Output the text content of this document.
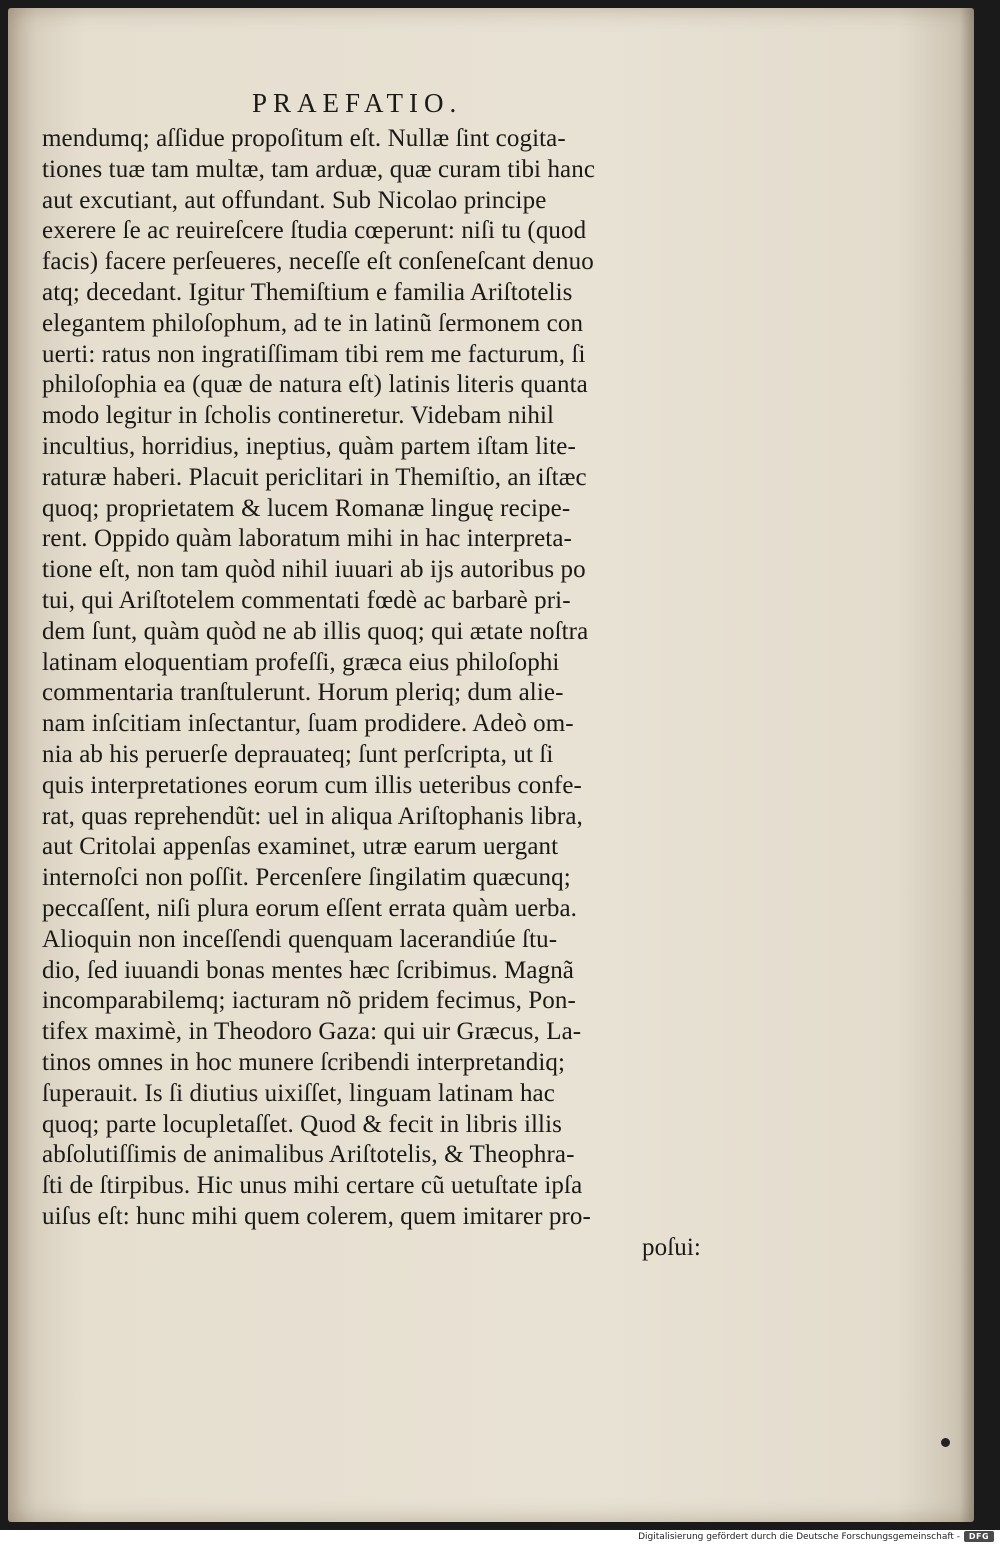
PRAEFATIO.
mendumq; aſſidue propoſitum eſt. Nullæ ſint cogita-
tiones tuæ tam multæ, tam arduæ, quæ curam tibi hanc
aut excutiant, aut offundant. Sub Nicolao principe
exerere ſe ac reuireſcere ſtudia cœperunt: niſi tu (quod
facis) facere perſeueres, neceſſe eſt conſeneſcant denuo
atq; decedant. Igitur Themiſtium e familia Ariſtotelis
elegantem philoſophum, ad te in latinũ ſermonem con
uerti: ratus non ingratiſſimam tibi rem me facturum, ſi
philoſophia ea (quæ de natura eſt) latinis literis quanta
modo legitur in ſcholis contineretur. Videbam nihil
incultius, horridius, ineptius, quàm partem iſtam lite-
raturæ haberi. Placuit periclitari in Themiſtio, an iſtæc
quoq; proprietatem & lucem Romanæ linguę recipe-
rent. Oppido quàm laboratum mihi in hac interpreta-
tione eſt, non tam quòd nihil iuuari ab ijs autoribus po
tui, qui Ariſtotelem commentati fœdè ac barbarè pri-
dem ſunt, quàm quòd ne ab illis quoq; qui ætate noſtra
latinam eloquentiam profeſſi, græca eius philoſophi
commentaria tranſtulerunt. Horum pleriq; dum alie-
nam inſcitiam inſectantur, ſuam prodidere. Adeò om-
nia ab his peruerſe deprauateq; ſunt perſcripta, ut ſi
quis interpretationes eorum cum illis ueteribus confe-
rat, quas reprehendũt: uel in aliqua Ariſtophanis libra,
aut Critolai appenſas examinet, utræ earum uergant
internoſci non poſſit. Percenſere ſingilatim quæcunq;
peccaſſent, niſi plura eorum eſſent errata quàm uerba.
Alioquin non inceſſendi quenquam lacerandiúe ſtu-
dio, ſed iuuandi bonas mentes hæc ſcribimus. Magnã
incomparabilemq; iacturam nõ pridem fecimus, Pon-
tifex maximè, in Theodoro Gaza: qui uir Græcus, La-
tinos omnes in hoc munere ſcribendi interpretandiq;
ſuperauit. Is ſi diutius uixiſſet, linguam latinam hac
quoq; parte locupletaſſet. Quod & fecit in libris illis
abſolutiſſimis de animalibus Ariſtotelis, & Theophra-
ſti de ſtirpibus. Hic unus mihi certare cũ uetuſtate ipſa
uiſus eſt: hunc mihi quem colerem, quem imitarer pro-
poſui:
Digitalisierung gefördert durch die Deutsche Forschungsgemeinschaft -	DFG
